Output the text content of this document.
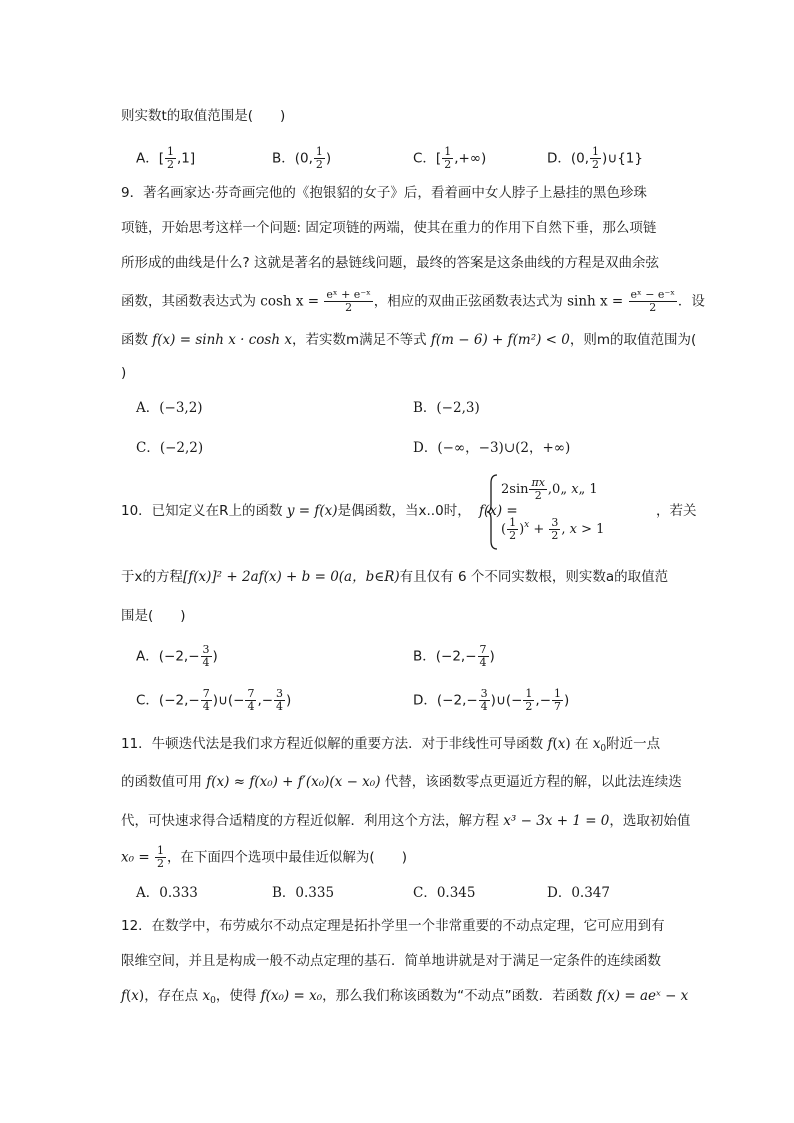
则实数t的取值范围是(　　)
A．[ $\frac{1}{2} ,1$]	B．(0, $\frac{1}{2}$ )	C．[ $\frac{1}{2}$ ,+∞)	D．(0, $\frac{1}{2}$ )∪{1}
9．著名画家达·芬奇画完他的《抱银貂的女子》后，看着画中女人脖子上悬挂的黑色珍珠
项链，开始思考这样一个问题: 固定项链的两端，使其在重力的作用下自然下垂，那么项链
所形成的曲线是什么? 这就是著名的悬链线问题，最终的答案是这条曲线的方程是双曲余弦
函数，其函数表达式为 $\cosh x = \frac{\text{eˣ + e⁻ˣ}}{2}$ ，相应的双曲正弦函数表达式为 $\sinh x = \frac{\text{eˣ − e⁻ˣ}}{2}$ ．设
函数 f(x) = sinh x · cosh x，若实数m满足不等式 f(m − 6) + f(m²) < 0，则m的取值范围为(
)
A．(−3,2)	B．(−2,3)
C．(−2,2)	D．(−∞，−3)∪(2，+∞)
10．已知定义在R上的函数 y = f(x)是偶函数，当x..0时， f(x) =
$2\sin \frac{\pi x}{2}$ ,0„ x„ 1
( $\frac{1}{2} )^x + \frac{3}{2}$ , x > 1
，若关
于x的方程[f(x)]² + 2af(x) + b = 0(a，b∈R)有且仅有 6 个不同实数根，则实数a的取值范
围是(　　)
A．($-2,- \frac{3}{4}$ )	B．($-2,- \frac{7}{4}$ )
C．($-2,- \frac{7}{4}$ )∪(− $\frac{7}{4}$ ,− $\frac{3}{4}$ )	D．($-2,- \frac{3}{4}$ )∪(− $\frac{1}{2}$ ,− $\frac{1}{7}$ )
11．牛顿迭代法是我们求方程近似解的重要方法．对于非线性可导函数 f(x) 在 $x_0$附近一点
的函数值可用 f(x) ≈ f(x₀) + f′(x₀)(x − x₀) 代替，该函数零点更逼近方程的解，以此法连续迭
代，可快速求得合适精度的方程近似解．利用这个方法，解方程 x³ − 3x + 1 = 0，选取初始值
$x_0 = \frac{1}{2}$ ，在下面四个选项中最佳近似解为(　　)
A．0.333	B．0.335	C．0.345	D．0.347
12．在数学中，布劳威尔不动点定理是拓扑学里一个非常重要的不动点定理，它可应用到有
限维空间，并且是构成一般不动点定理的基石．简单地讲就是对于满足一定条件的连续函数
f(x)，存在点 $x_0$，使得 f(x₀) = x₀，那么我们称该函数为“不动点”函数．若函数 f(x) = aeˣ − x
